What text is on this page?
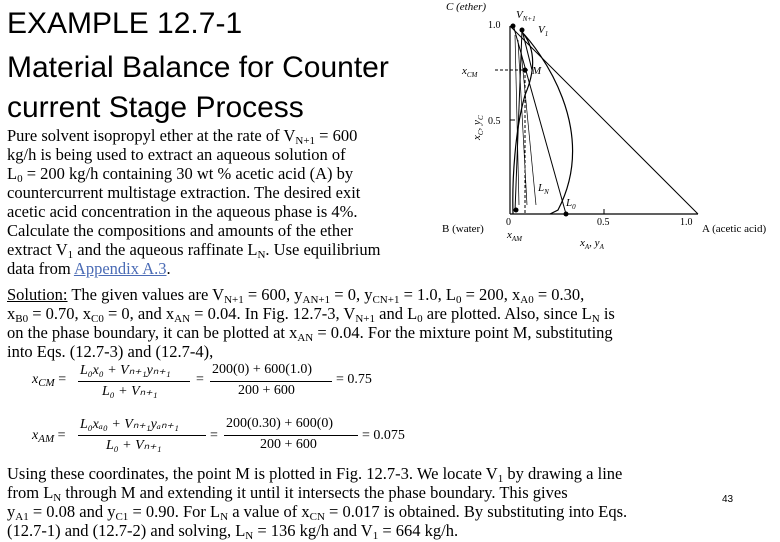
EXAMPLE 12.7-1
Material Balance for Counter
current Stage Process
C (ether)
$V_{N+1}$
$V_1$
$x_{CM}$	M
1.0
0.5
$x_C$, $y_C$
$L_N$
$L_0$
0	0.5	1.0
B (water) $x_{AM}$	$x_A$, $y_A$
A (acetic acid)
Pure solvent isopropyl ether at the rate of $V_{N+1} = 600$
kg/h is being used to extract an aqueous solution of
$L_0 = 200$ kg/h containing 30 wt % acetic acid (A) by
countercurrent multistage extraction. The desired exit
acetic acid concentration in the aqueous phase is 4%.
Calculate the compositions and amounts of the ether
extract $V_1$ and the aqueous raffinate $L_N$. Use equilibrium
data from Appendix A.3.
Solution: The given values are $V_{N+1} = 600$, $y_{AN+1} = 0$, $y_{CN+1} = 1.0$, $L_0 = 200$, $x_{A0} = 0.30$,
$x_{B0} = 0.70$, $x_{C0} = 0$, and $x_{AN} = 0.04$. In Fig. 12.7-3, $V_{N+1}$ and $L_0$ are plotted. Also, since $L_N$ is
on the phase boundary, it can be plotted at $x_{AN} = 0.04$. For the mixture point M, substituting
into Eqs. (12.7-3) and (12.7-4),
$x_{CM}$ =
L₀x₀ + Vₙ₊₁yₙ₊₁
L₀ + Vₙ₊₁
=
200(0) + 600(1.0)
200 + 600
= 0.75
$x_{AM}$ =
L₀xₐ₀ + Vₙ₊₁yₐₙ₊₁
L₀ + Vₙ₊₁
=
200(0.30) + 600(0)
200 + 600
= 0.075
Using these coordinates, the point M is plotted in Fig. 12.7-3. We locate $V_1$ by drawing a line
from $L_N$ through M and extending it until it intersects the phase boundary. This gives
$y_{A1} = 0.08$ and $y_{C1} = 0.90$. For $L_N$ a value of $x_{CN} = 0.017$ is obtained. By substituting into Eqs.
(12.7-1) and (12.7-2) and solving, $L_N = 136$ kg/h and $V_1 = 664$ kg/h.
43
